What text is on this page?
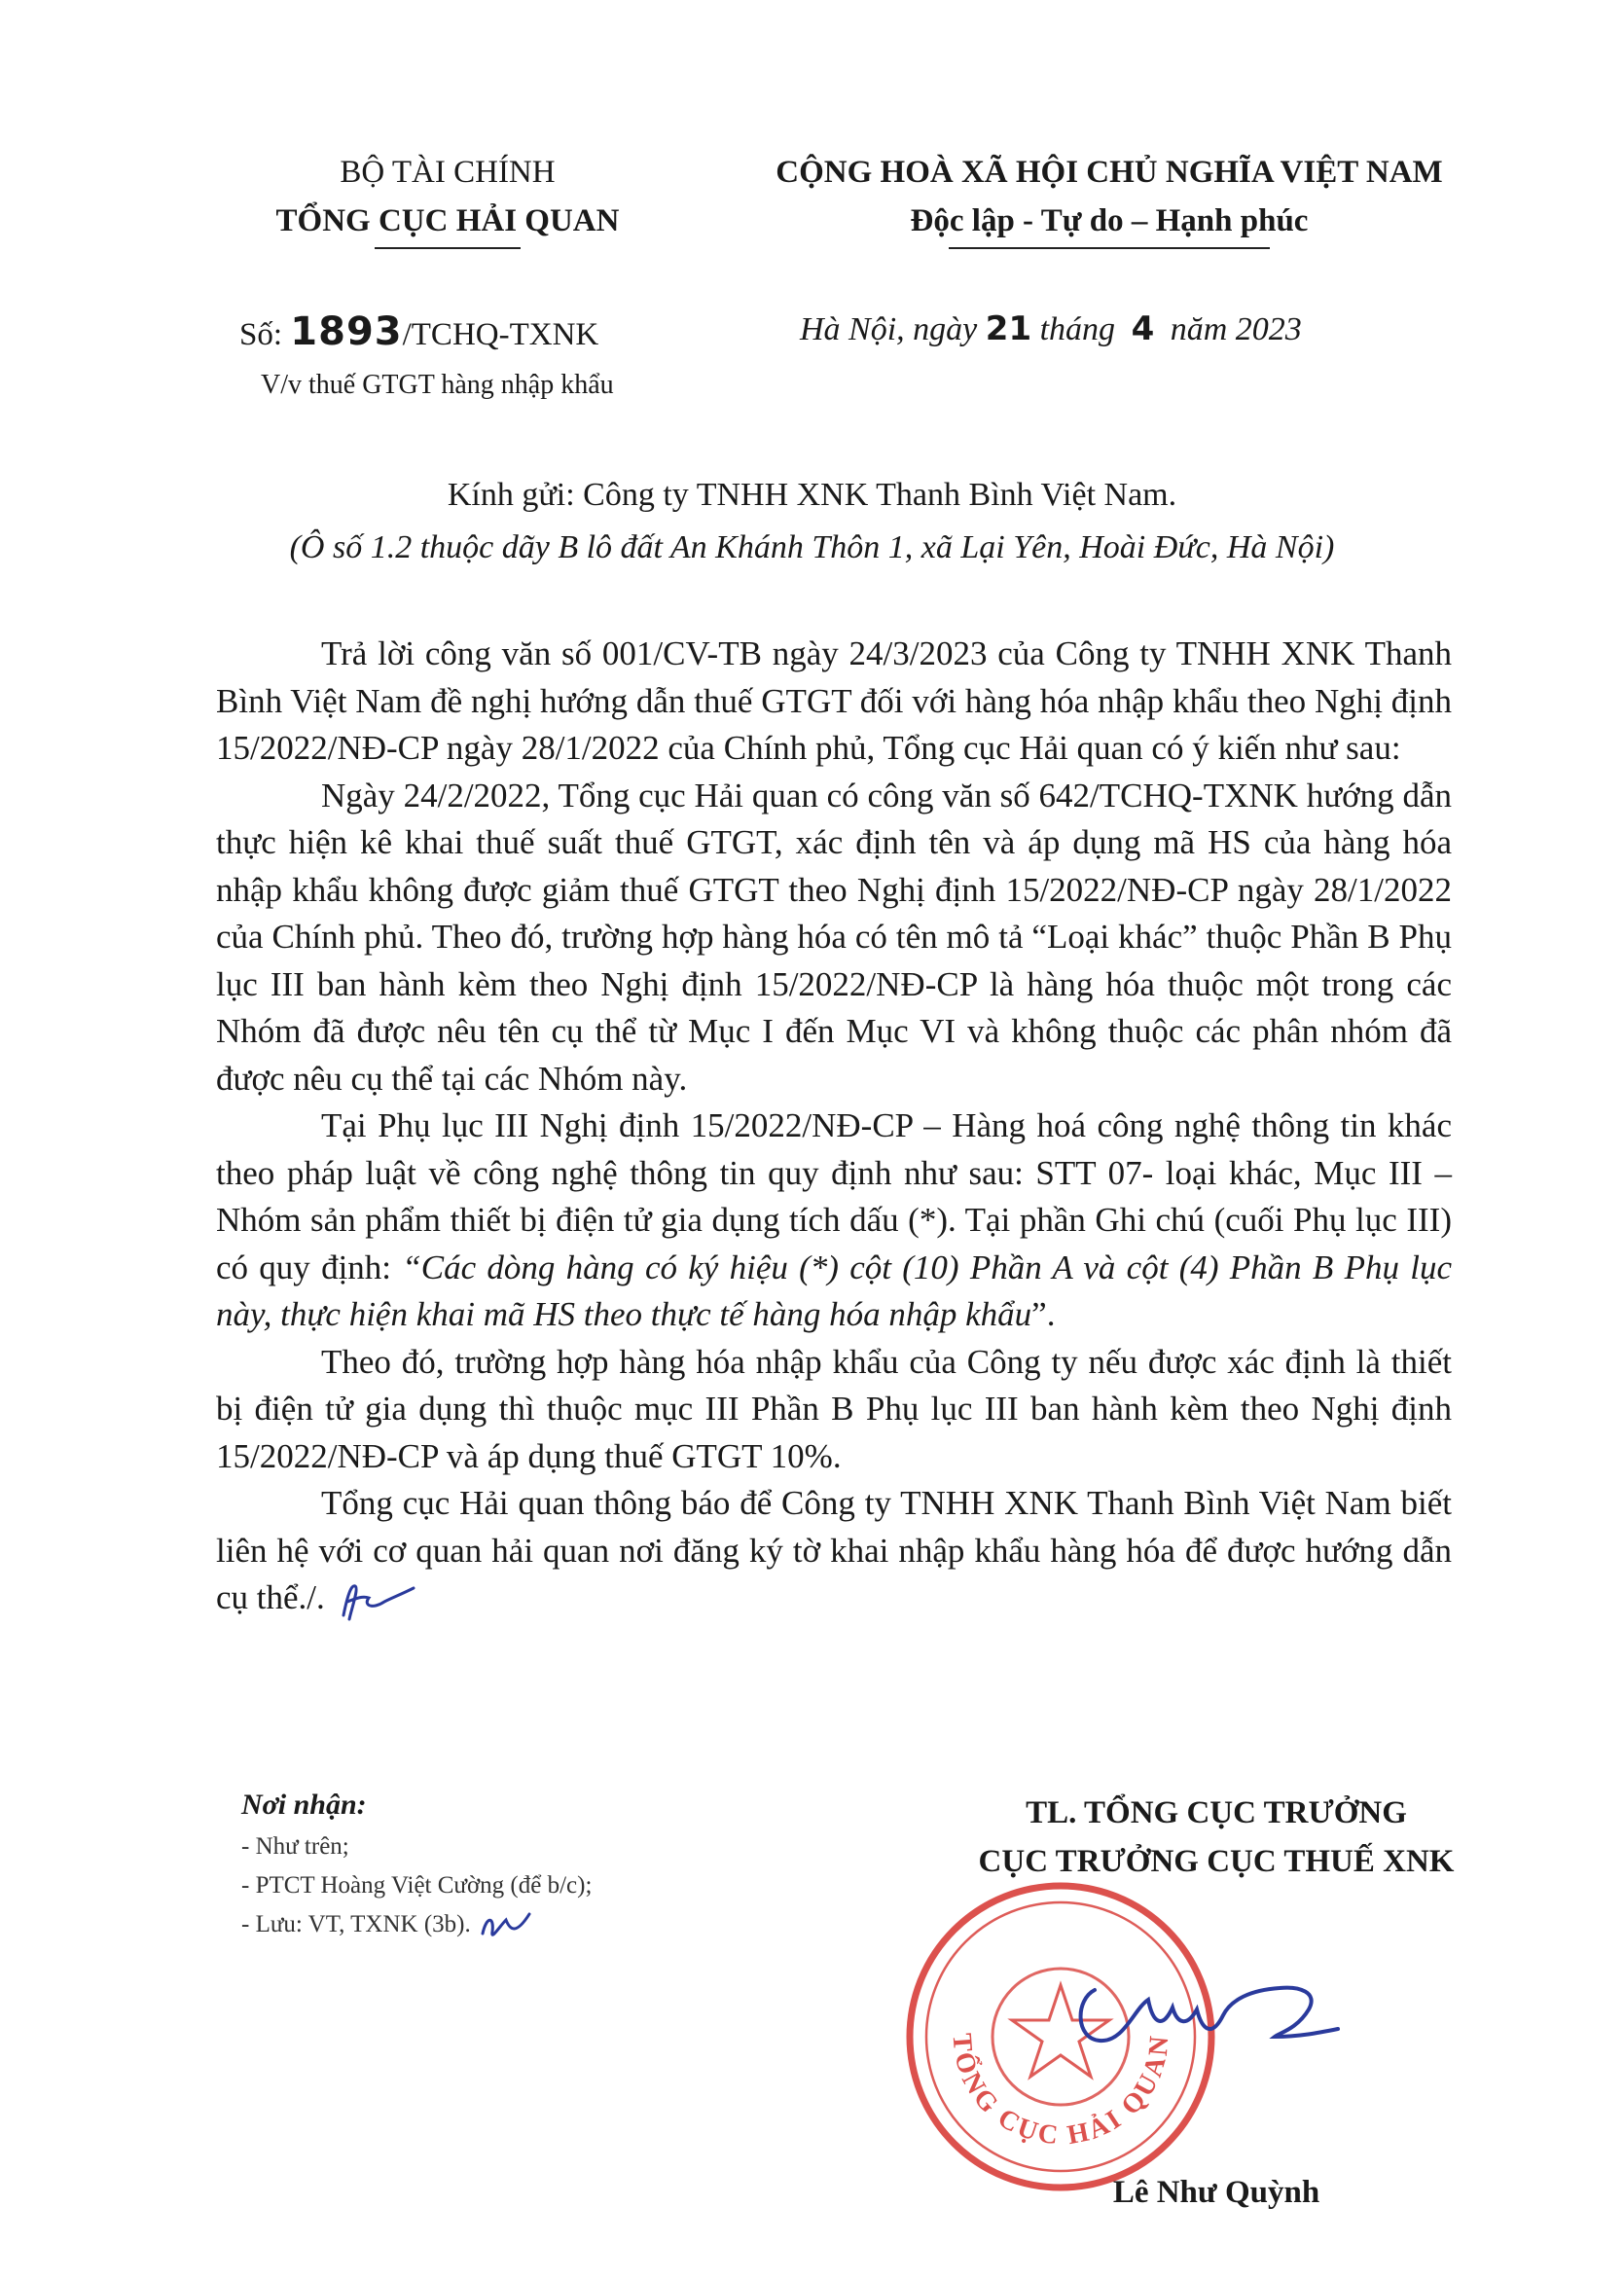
BỘ TÀI CHÍNH
TỔNG CỤC HẢI QUAN
CỘNG HOÀ XÃ HỘI CHỦ NGHĨA VIỆT NAM
Độc lập - Tự do – Hạnh phúc
Số: 1893/TCHQ-TXNK
V/v thuế GTGT hàng nhập khẩu
Hà Nội, ngày 21 tháng 4 năm 2023
Kính gửi: Công ty TNHH XNK Thanh Bình Việt Nam.
(Ô số 1.2 thuộc dãy B lô đất An Khánh Thôn 1, xã Lại Yên, Hoài Đức, Hà Nội)

Trả lời công văn số 001/CV-TB ngày 24/3/2023 của Công ty TNHH XNK Thanh Bình Việt Nam đề nghị hướng dẫn thuế GTGT đối với hàng hóa nhập khẩu theo Nghị định 15/2022/NĐ-CP ngày 28/1/2022 của Chính phủ, Tổng cục Hải quan có ý kiến như sau:

Ngày 24/2/2022, Tổng cục Hải quan có công văn số 642/TCHQ-TXNK hướng dẫn thực hiện kê khai thuế suất thuế GTGT, xác định tên và áp dụng mã HS của hàng hóa nhập khẩu không được giảm thuế GTGT theo Nghị định 15/2022/NĐ-CP ngày 28/1/2022 của Chính phủ. Theo đó, trường hợp hàng hóa có tên mô tả “Loại khác” thuộc Phần B Phụ lục III ban hành kèm theo Nghị định 15/2022/NĐ-CP là hàng hóa thuộc một trong các Nhóm đã được nêu tên cụ thể từ Mục I đến Mục VI và không thuộc các phân nhóm đã được nêu cụ thể tại các Nhóm này.

Tại Phụ lục III Nghị định 15/2022/NĐ-CP – Hàng hoá công nghệ thông tin khác theo pháp luật về công nghệ thông tin quy định như sau: STT 07- loại khác, Mục III – Nhóm sản phẩm thiết bị điện tử gia dụng tích dấu (*). Tại phần Ghi chú (cuối Phụ lục III) có quy định: “Các dòng hàng có ký hiệu (*) cột (10) Phần A và cột (4) Phần B Phụ lục này, thực hiện khai mã HS theo thực tế hàng hóa nhập khẩu”.

Theo đó, trường hợp hàng hóa nhập khẩu của Công ty nếu được xác định là thiết bị điện tử gia dụng thì thuộc mục III Phần B Phụ lục III ban hành kèm theo Nghị định 15/2022/NĐ-CP và áp dụng thuế GTGT 10%.

Tổng cục Hải quan thông báo để Công ty TNHH XNK Thanh Bình Việt Nam biết liên hệ với cơ quan hải quan nơi đăng ký tờ khai nhập khẩu hàng hóa để được hướng dẫn cụ thể./.

Nơi nhận:
- Như trên;
- PTCT Hoàng Việt Cường (để b/c);
- Lưu: VT, TXNK (3b).
TL. TỔNG CỤC TRƯỞNG
CỤC TRƯỞNG CỤC THUẾ XNK
TỔNG CỤC HẢI QUAN
Lê Như Quỳnh
